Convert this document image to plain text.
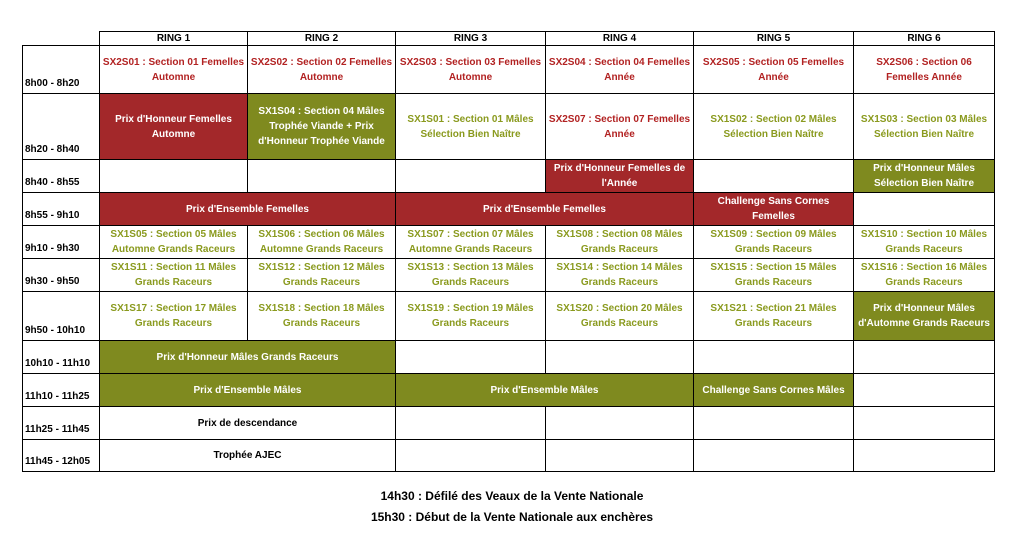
	RING 1	RING 2	RING 3	RING 4	RING 5	RING 6
8h00 - 8h20	SX2S01 : Section 01 Femelles Automne	SX2S02 : Section 02 Femelles Automne	SX2S03 : Section 03 Femelles Automne	SX2S04 : Section 04 Femelles Année	SX2S05 : Section 05 Femelles Année	SX2S06 : Section 06 Femelles Année
8h20 - 8h40	Prix d'Honneur Femelles Automne	SX1S04 : Section 04 Mâles Trophée Viande + Prix d'Honneur Trophée Viande	SX1S01 : Section 01 Mâles Sélection Bien Naître	SX2S07 : Section 07 Femelles Année	SX1S02 : Section 02 Mâles Sélection Bien Naître	SX1S03 : Section 03 Mâles Sélection Bien Naître
8h40 - 8h55				Prix d'Honneur Femelles de l'Année		Prix d'Honneur Mâles Sélection Bien Naître
8h55 - 9h10	Prix d'Ensemble Femelles		Prix d'Ensemble Femelles		Challenge Sans Cornes Femelles	
9h10 - 9h30	SX1S05 : Section 05 Mâles Automne Grands Raceurs	SX1S06 : Section 06 Mâles Automne Grands Raceurs	SX1S07 : Section 07 Mâles Automne Grands Raceurs	SX1S08 : Section 08 Mâles Grands Raceurs	SX1S09 : Section 09 Mâles Grands Raceurs	SX1S10 : Section 10 Mâles Grands Raceurs
9h30 - 9h50	SX1S11 : Section 11 Mâles Grands Raceurs	SX1S12 : Section 12 Mâles Grands Raceurs	SX1S13 : Section 13 Mâles Grands Raceurs	SX1S14 : Section 14 Mâles Grands Raceurs	SX1S15 : Section 15 Mâles Grands Raceurs	SX1S16 : Section 16 Mâles Grands Raceurs
9h50 - 10h10	SX1S17 : Section 17 Mâles Grands Raceurs	SX1S18 : Section 18 Mâles Grands Raceurs	SX1S19 : Section 19 Mâles Grands Raceurs	SX1S20 : Section 20 Mâles Grands Raceurs	SX1S21 : Section 21 Mâles Grands Raceurs	Prix d'Honneur Mâles d'Automne Grands Raceurs
10h10 - 11h10	Prix d'Honneur Mâles Grands Raceurs					
11h10 - 11h25	Prix d'Ensemble Mâles		Prix d'Ensemble Mâles		Challenge Sans Cornes Mâles	
11h25 - 11h45	Prix de descendance					
11h45 - 12h05	Trophée AJEC					
14h30 : Défilé des Veaux de la Vente Nationale
15h30 : Début de la Vente Nationale aux enchères
